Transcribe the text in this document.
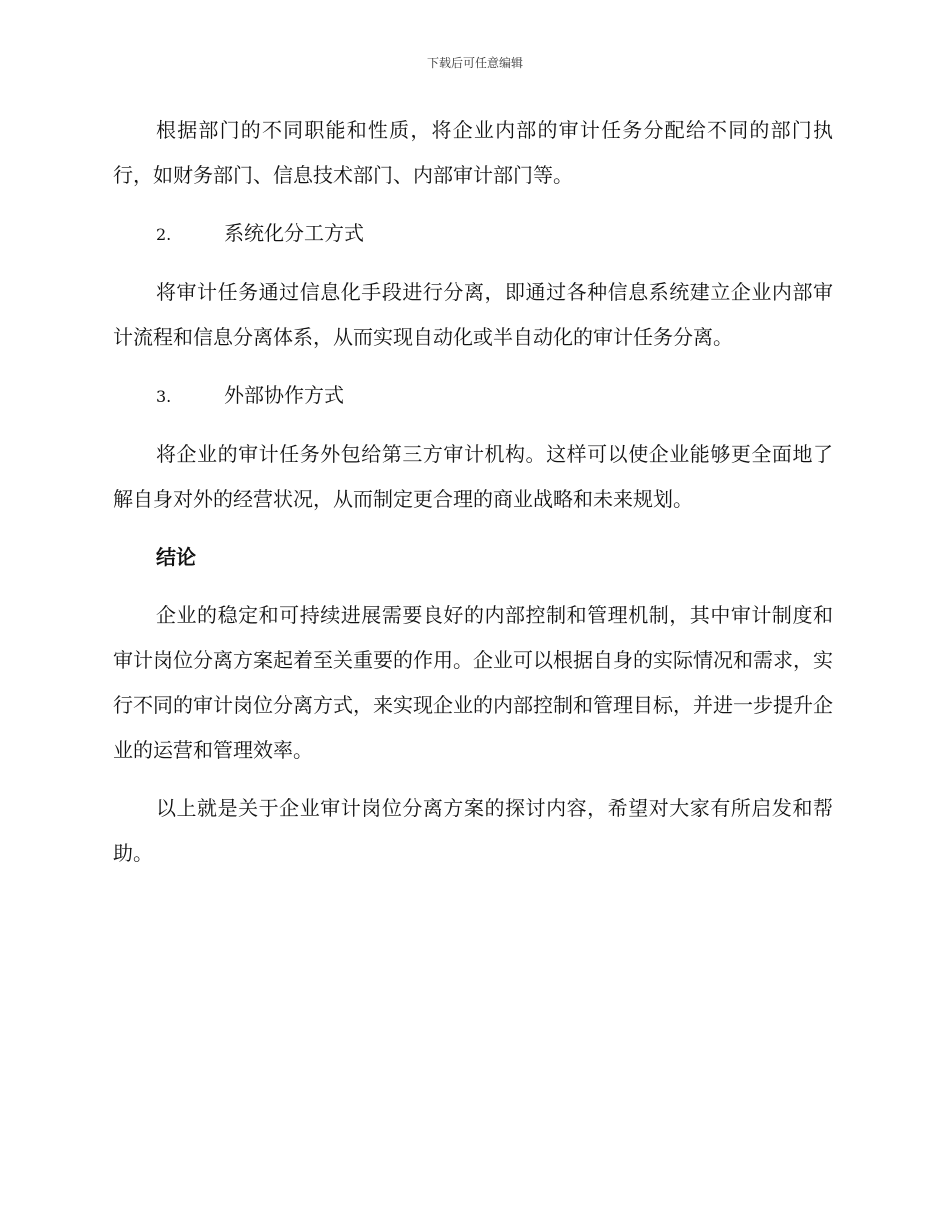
下载后可任意编辑

根据部门的不同职能和性质，将企业内部的审计任务分配给不同的部门执行，如财务部门、信息技术部门、内部审计部门等。

2.	系统化分工方式

将审计任务通过信息化手段进行分离，即通过各种信息系统建立企业内部审计流程和信息分离体系，从而实现自动化或半自动化的审计任务分离。

3.	外部协作方式

将企业的审计任务外包给第三方审计机构。这样可以使企业能够更全面地了解自身对外的经营状况，从而制定更合理的商业战略和未来规划。

结论

企业的稳定和可持续进展需要良好的内部控制和管理机制，其中审计制度和审计岗位分离方案起着至关重要的作用。企业可以根据自身的实际情况和需求，实行不同的审计岗位分离方式，来实现企业的内部控制和管理目标，并进一步提升企业的运营和管理效率。

以上就是关于企业审计岗位分离方案的探讨内容，希望对大家有所启发和帮助。
